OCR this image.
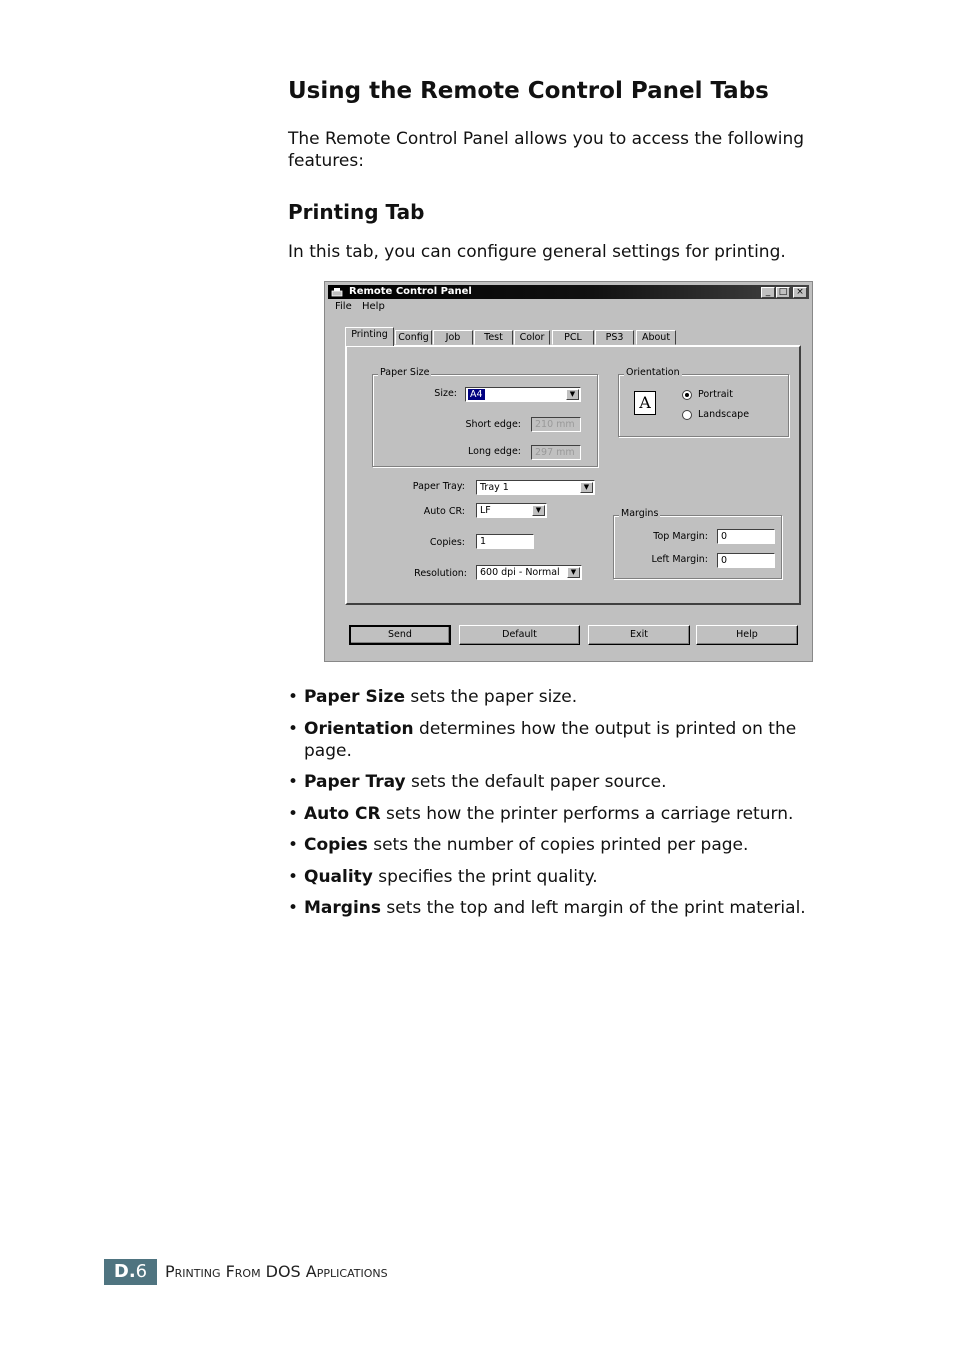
Using the Remote Control Panel Tabs

The Remote Control Panel allows you to access the following features:

Printing Tab

In this tab, you can configure general settings for printing.

Remote Control Panel	_ □ ×
File Help
Printing	Config	Job	Test	Color	PCL	PS3	About
Paper Size
Size:	A4	▼
Short edge:	210 mm
Long edge:	297 mm
Orientation
A	Portrait
Landscape
Paper Tray:	Tray 1	▼
Auto CR:	LF	▼
Copies:	1
Resolution:	600 dpi - Normal	▼
Margins
Top Margin:	0
Left Margin:	0
Send	Default	Exit	Help
• Paper Size sets the paper size.
• Orientation determines how the output is printed on the page.
• Paper Tray sets the default paper source.
• Auto CR sets how the printer performs a carriage return.
• Copies sets the number of copies printed per page.
• Quality specifies the print quality.
• Margins sets the top and left margin of the print material.
D.6	Printing From DOS Applications
